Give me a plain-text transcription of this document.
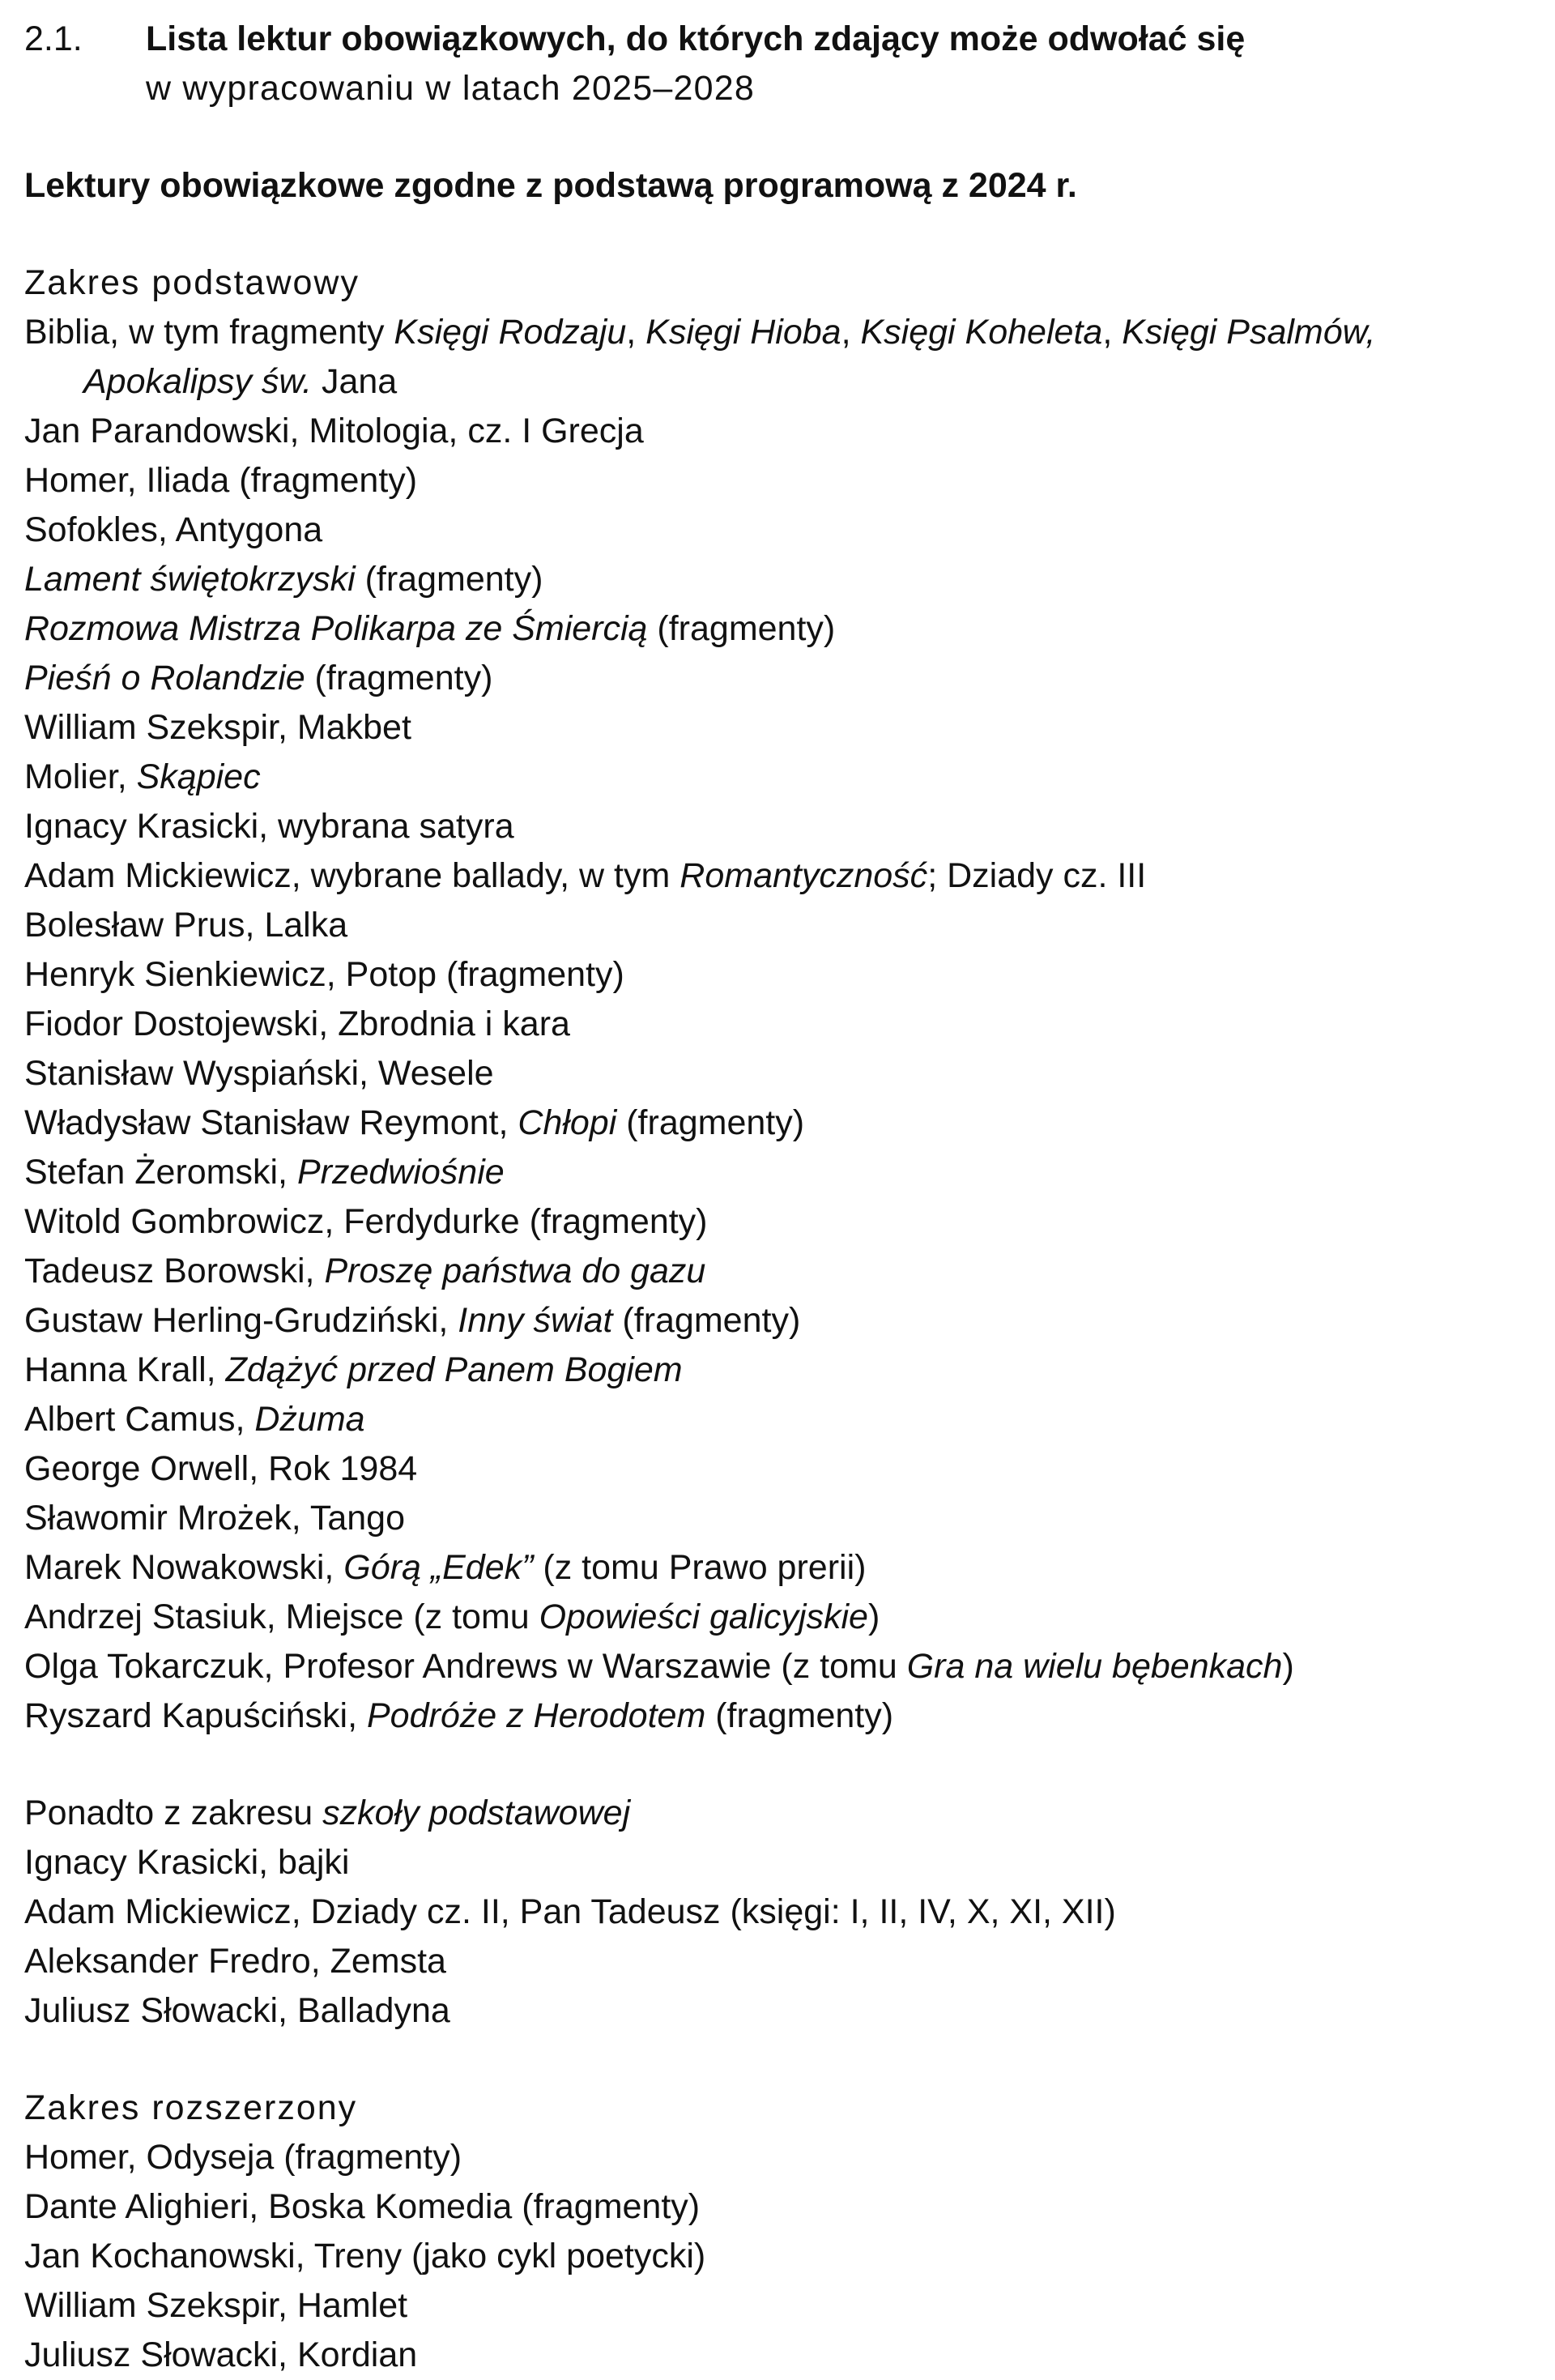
2.1. Lista lektur obowiązkowych, do których zdający może odwołać się
w wypracowaniu w latach 2025–2028
Lektury obowiązkowe zgodne z podstawą programową z 2024 r.
Zakres podstawowy
Biblia, w tym fragmenty Księgi Rodzaju, Księgi Hioba, Księgi Koheleta, Księgi Psalmów,
Apokalipsy św. Jana
Jan Parandowski, Mitologia, cz. I Grecja
Homer, Iliada (fragmenty)
Sofokles, Antygona
Lament świętokrzyski (fragmenty)
Rozmowa Mistrza Polikarpa ze Śmiercią (fragmenty)
Pieśń o Rolandzie (fragmenty)
William Szekspir, Makbet
Molier, Skąpiec
Ignacy Krasicki, wybrana satyra
Adam Mickiewicz, wybrane ballady, w tym Romantyczność; Dziady cz. III
Bolesław Prus, Lalka
Henryk Sienkiewicz, Potop (fragmenty)
Fiodor Dostojewski, Zbrodnia i kara
Stanisław Wyspiański, Wesele
Władysław Stanisław Reymont, Chłopi (fragmenty)
Stefan Żeromski, Przedwiośnie
Witold Gombrowicz, Ferdydurke (fragmenty)
Tadeusz Borowski, Proszę państwa do gazu
Gustaw Herling-Grudziński, Inny świat (fragmenty)
Hanna Krall, Zdążyć przed Panem Bogiem
Albert Camus, Dżuma
George Orwell, Rok 1984
Sławomir Mrożek, Tango
Marek Nowakowski, Górą „Edek” (z tomu Prawo prerii)
Andrzej Stasiuk, Miejsce (z tomu Opowieści galicyjskie)
Olga Tokarczuk, Profesor Andrews w Warszawie (z tomu Gra na wielu bębenkach)
Ryszard Kapuściński, Podróże z Herodotem (fragmenty)
Ponadto z zakresu szkoły podstawowej
Ignacy Krasicki, bajki
Adam Mickiewicz, Dziady cz. II, Pan Tadeusz (księgi: I, II, IV, X, XI, XII)
Aleksander Fredro, Zemsta
Juliusz Słowacki, Balladyna
Zakres rozszerzony
Homer, Odyseja (fragmenty)
Dante Alighieri, Boska Komedia (fragmenty)
Jan Kochanowski, Treny (jako cykl poetycki)
William Szekspir, Hamlet
Juliusz Słowacki, Kordian
